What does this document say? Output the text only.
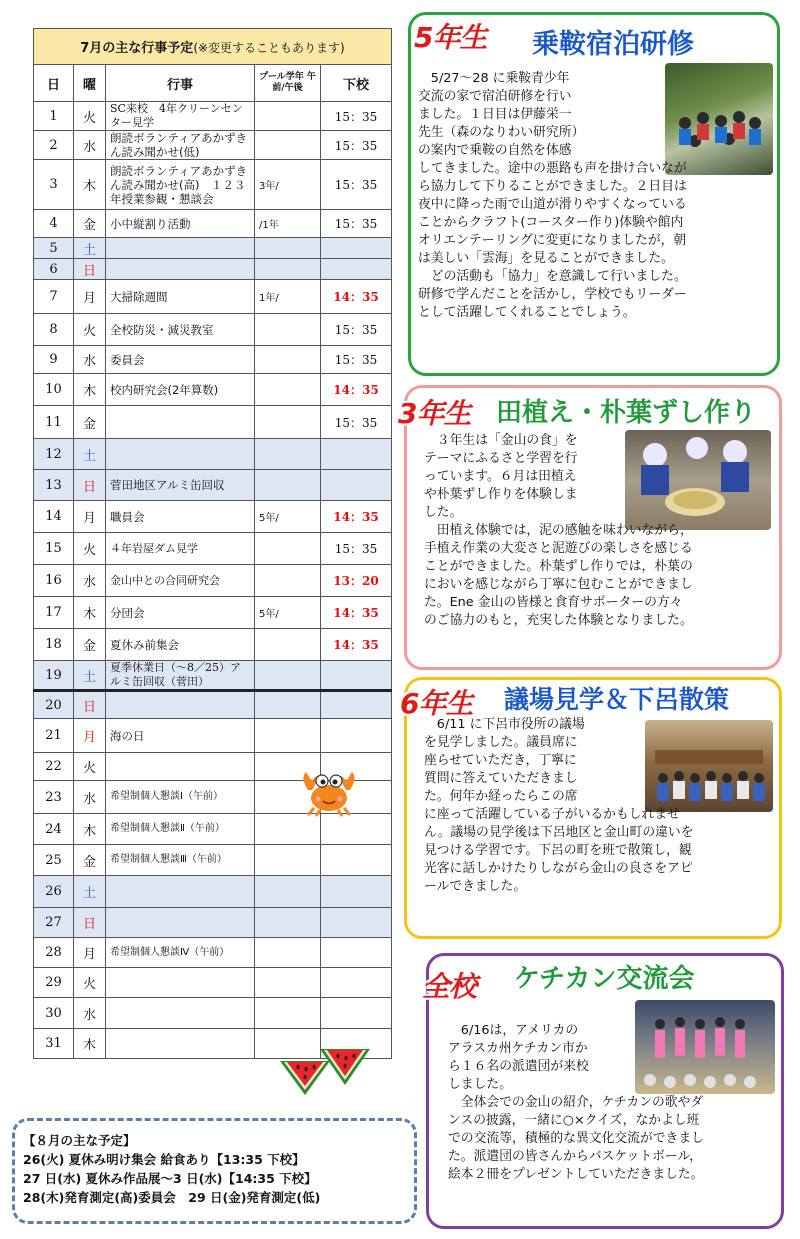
7月の主な行事予定(※変更することもあります)				
日	曜	行事	プール学年 午前/午後	下校
1	火	SC来校　4年クリーンセンター見学		15：35
2	水	朗読ボランティアあかずきん読み聞かせ(低)		15：35
3	木	朗読ボランティアあかずきん読み聞かせ(高)　１２３年授業参観・懇談会	3年/	15：35
4	金	小中縦割り活動	/1年	15：35
5	土			
6	日			
7	月	大掃除週間	1年/	14：35
8	火	全校防災・減災教室		15：35
9	水	委員会		15：35
10	木	校内研究会(2年算数)		14：35
11	金			15：35
12	土			
13	日	菅田地区アルミ缶回収		
14	月	職員会	5年/	14：35
15	火	４年岩屋ダム見学		15：35
16	水	金山中との合同研究会		13：20
17	木	分団会	5年/	14：35
18	金	夏休み前集会		14：35
19	土	夏季休業日（～8／25）アルミ缶回収（菅田）		
20	日			
21	月	海の日		
22	火			
23	水	希望制個人懇談Ⅰ（午前）		
24	木	希望制個人懇談Ⅱ（午前）		
25	金	希望制個人懇談Ⅲ（午前）		
26	土			
27	日			
28	月	希望制個人懇談Ⅳ（午前）		
29	火			
30	水			
31	木			
【８月の主な予定】
26(火) 夏休み明け集会 給食あり【13:35 下校】
27 日(水) 夏休み作品展～3 日(水)【14:35 下校】
28(木)発育測定(高)委員会　29 日(金)発育測定(低)
5年生 乗鞍宿泊研修
　5/27～28 に乗鞍青少年
交流の家で宿泊研修を行い
ました。１日目は伊藤栄一
先生（森のなりわい研究所）
の案内で乗鞍の自然を体感
してきました。途中の悪路も声を掛け合いなが
ら協力して下りることができました。２日目は
夜中に降った雨で山道が滑りやすくなっている
ことからクラフト(コースター作り)体験や館内
オリエンテーリングに変更になりましたが，朝
は美しい「雲海」を見ることができました。
　どの活動も「協力」を意識して行いました。
研修で学んだことを活かし，学校でもリーダー
として活躍してくれることでしょう。
3年生 田植え・朴葉ずし作り
　３年生は「金山の食」を
テーマにふるさと学習を行
っています。６月は田植え
や朴葉ずし作りを体験しま
した。
　田植え体験では，泥の感触を味わいながら，
手植え作業の大変さと泥遊びの楽しさを感じる
ことができました。朴葉ずし作りでは，朴葉の
においを感じながら丁寧に包むことができまし
た。Ene 金山の皆様と食育サポーターの方々
のご協力のもと，充実した体験となりました。
6年生 議場見学＆下呂散策
　6/11 に下呂市役所の議場
を見学しました。議員席に
座らせていただき，丁寧に
質問に答えていただきまし
た。何年か経ったらこの席
に座って活躍している子がいるかもしれませ
ん。議場の見学後は下呂地区と金山町の違いを
見つける学習です。下呂の町を班で散策し，観
光客に話しかけたりしながら金山の良さをアピ
ールできました。
全校 ケチカン交流会
　6/16は，アメリカの
アラスカ州ケチカン市か
ら１６名の派遣団が来校
しました。
　全体会での金山の紹介，ケチカンの歌やダ
ンスの披露，一緒に○×クイズ，なかよし班
での交流等，積極的な異文化交流ができまし
た。派遣団の皆さんからバスケットボール，
絵本２冊をプレゼントしていただきました。
